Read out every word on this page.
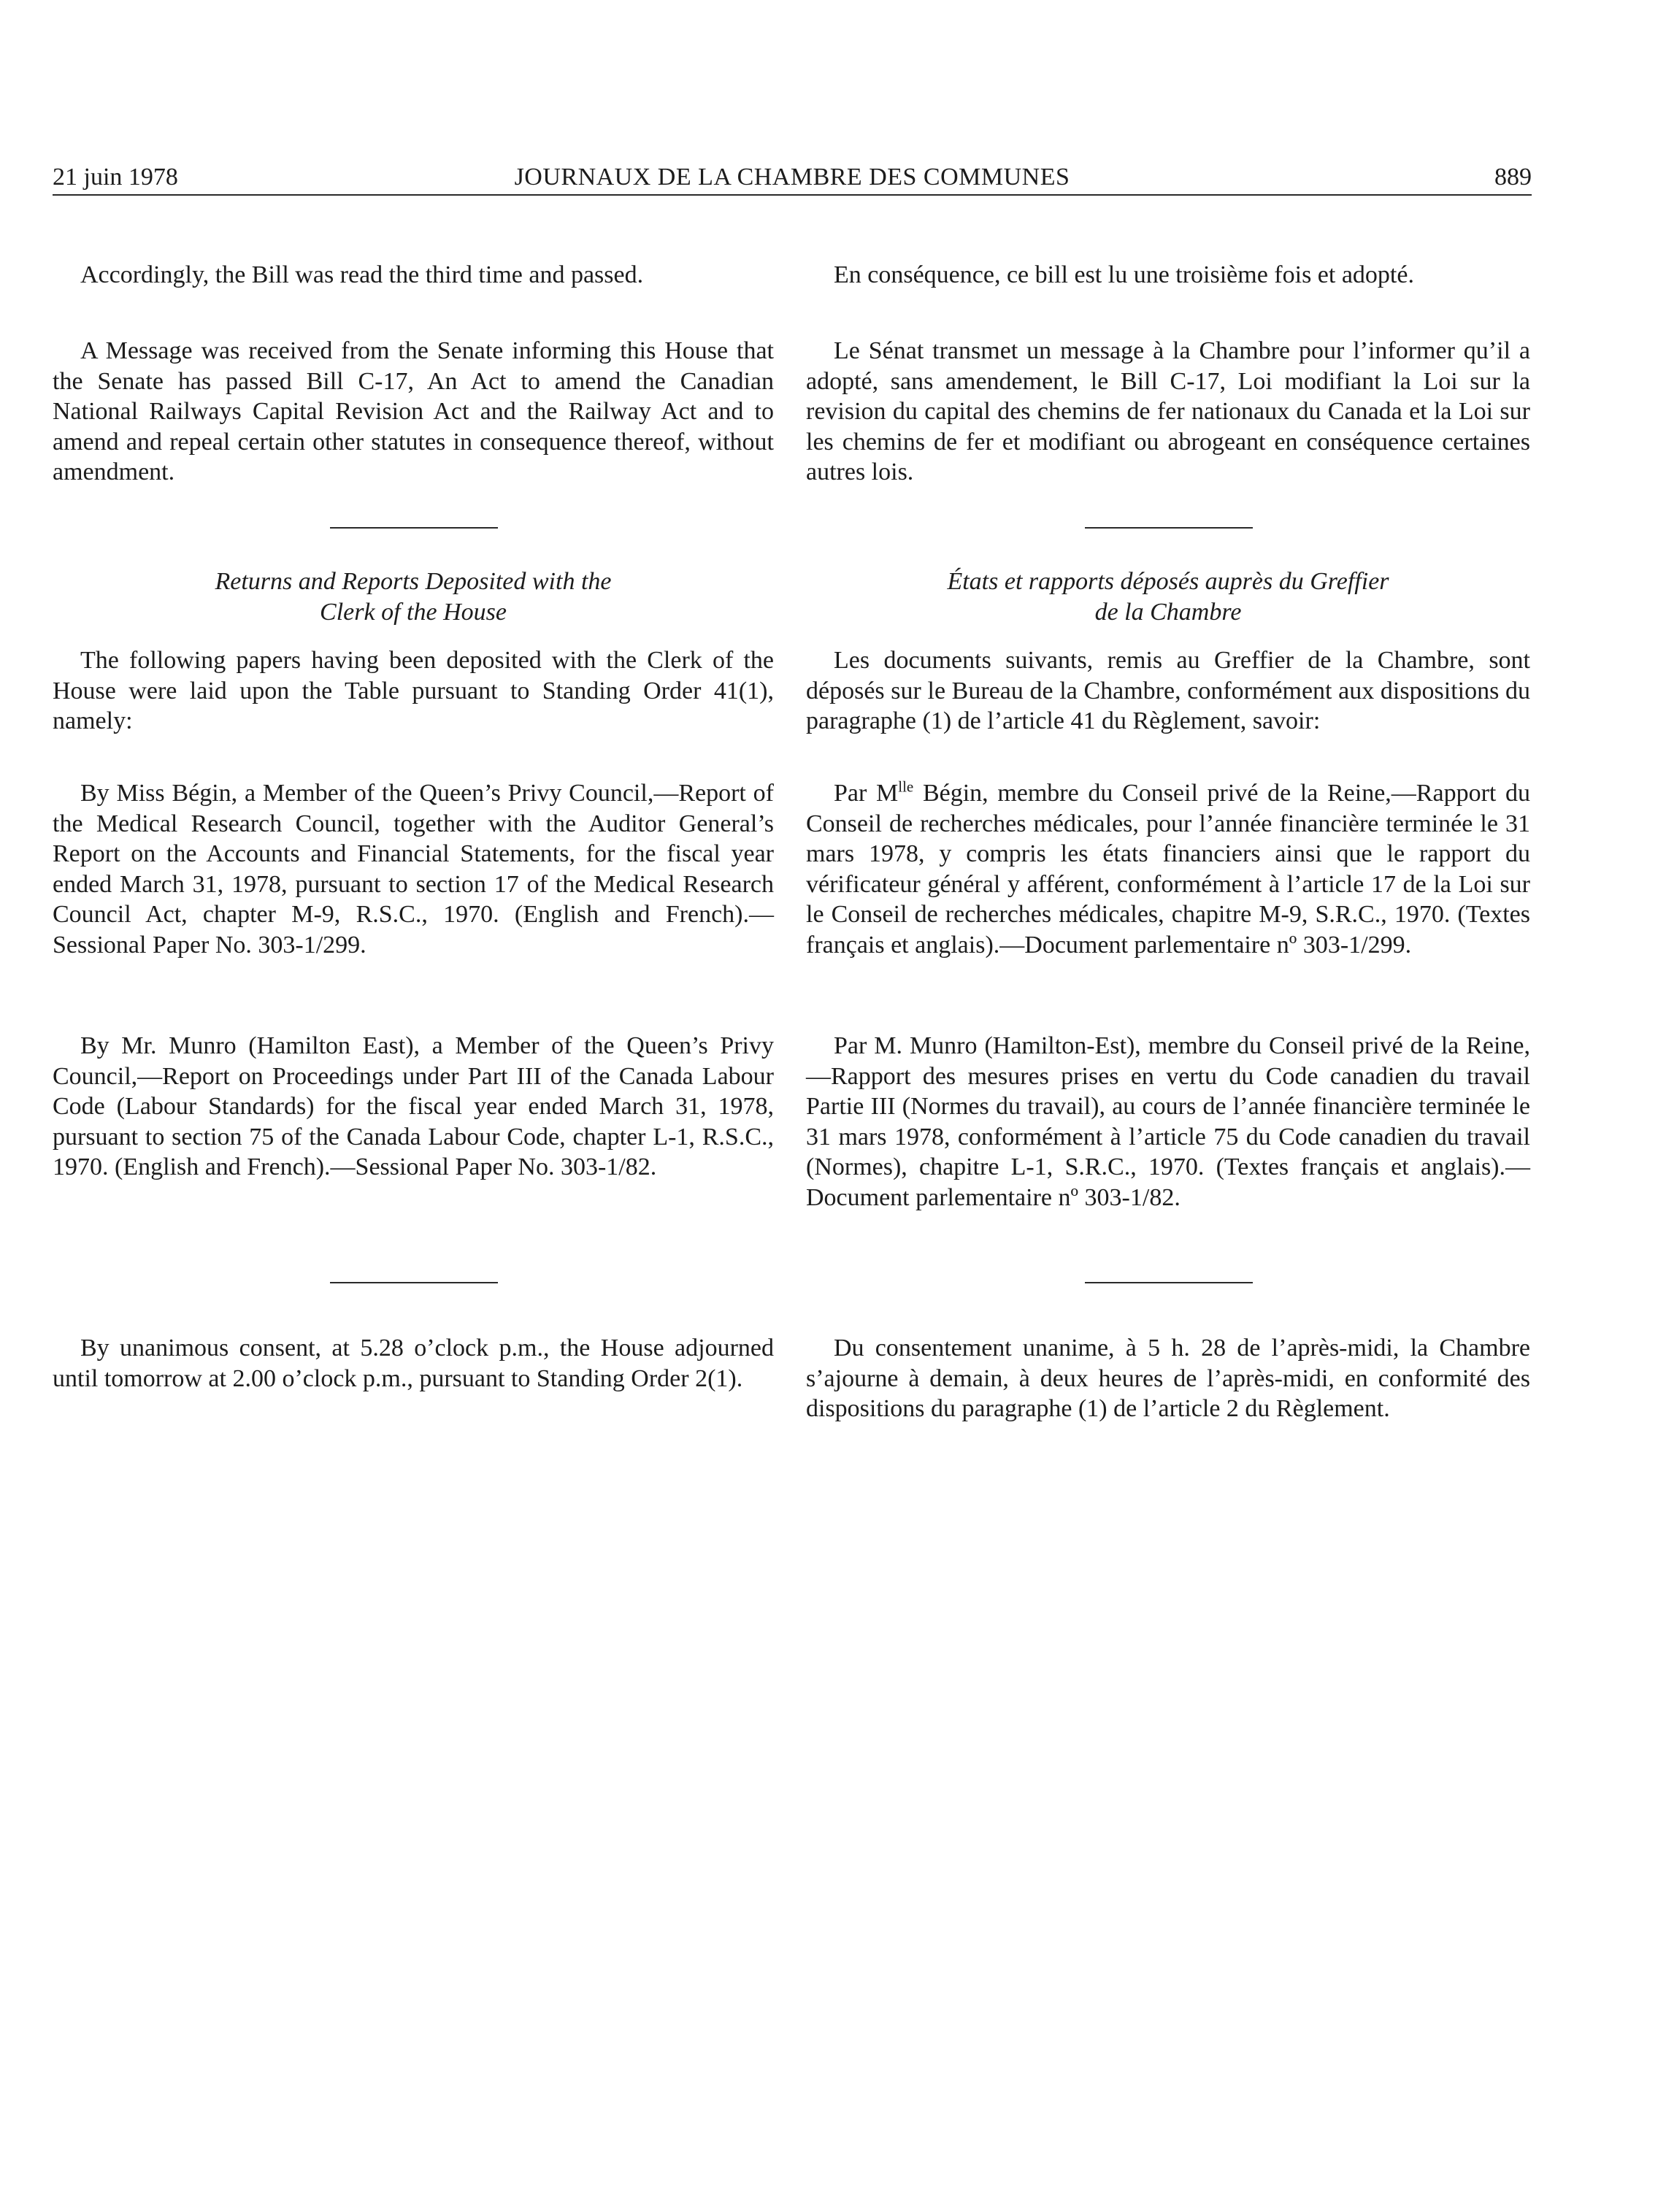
21 juin 1978	JOURNAUX DE LA CHAMBRE DES COMMUNES	889

Accordingly, the Bill was read the third time and passed.

A Message was received from the Senate informing this House that the Senate has passed Bill C-17, An Act to amend the Canadian National Railways Capital Revision Act and the Railway Act and to amend and repeal certain other statutes in consequence thereof, without amendment.

Returns and Reports Deposited with the
Clerk of the House

The following papers having been deposited with the Clerk of the House were laid upon the Table pursuant to Standing Order 41(1), namely:

By Miss Bégin, a Member of the Queen’s Privy Council,—Report of the Medical Research Council, together with the Auditor General’s Report on the Accounts and Financial Statements, for the fiscal year ended March 31, 1978, pursuant to section 17 of the Medical Research Council Act, chapter M-9, R.S.C., 1970. (English and French).—Sessional Paper No. 303-1/299.

By Mr. Munro (Hamilton East), a Member of the Queen’s Privy Council,—Report on Proceedings under Part III of the Canada Labour Code (Labour Standards) for the fiscal year ended March 31, 1978, pursuant to section 75 of the Canada Labour Code, chapter L-1, R.S.C., 1970. (English and French).—Sessional Paper No. 303-1/82.

By unanimous consent, at 5.28 o’clock p.m., the House adjourned until tomorrow at 2.00 o’clock p.m., pursuant to Standing Order 2(1).

En conséquence, ce bill est lu une troisième fois et adopté.

Le Sénat transmet un message à la Chambre pour l’informer qu’il a adopté, sans amendement, le Bill C-17, Loi modifiant la Loi sur la revision du capital des chemins de fer nationaux du Canada et la Loi sur les chemins de fer et modifiant ou abrogeant en conséquence certaines autres lois.

États et rapports déposés auprès du Greffier
de la Chambre

Les documents suivants, remis au Greffier de la Chambre, sont déposés sur le Bureau de la Chambre, conformément aux dispositions du paragraphe (1) de l’article 41 du Règlement, savoir:

Par $M^{lle}$ Bégin, membre du Conseil privé de la Reine,—Rapport du Conseil de recherches médicales, pour l’année financière terminée le 31 mars 1978, y compris les états financiers ainsi que le rapport du vérificateur général y afférent, conformément à l’article 17 de la Loi sur le Conseil de recherches médicales, chapitre M-9, S.R.C., 1970. (Textes français et anglais).—Document parlementaire nº 303-1/299.

Par M. Munro (Hamilton-Est), membre du Conseil privé de la Reine,—Rapport des mesures prises en vertu du Code canadien du travail Partie III (Normes du travail), au cours de l’année financière terminée le 31 mars 1978, conformément à l’article 75 du Code canadien du travail (Normes), chapitre L-1, S.R.C., 1970. (Textes français et anglais).—Document parlementaire nº 303-1/82.

Du consentement unanime, à 5 h. 28 de l’après-midi, la Chambre s’ajourne à demain, à deux heures de l’après-midi, en conformité des dispositions du paragraphe (1) de l’article 2 du Règlement.
